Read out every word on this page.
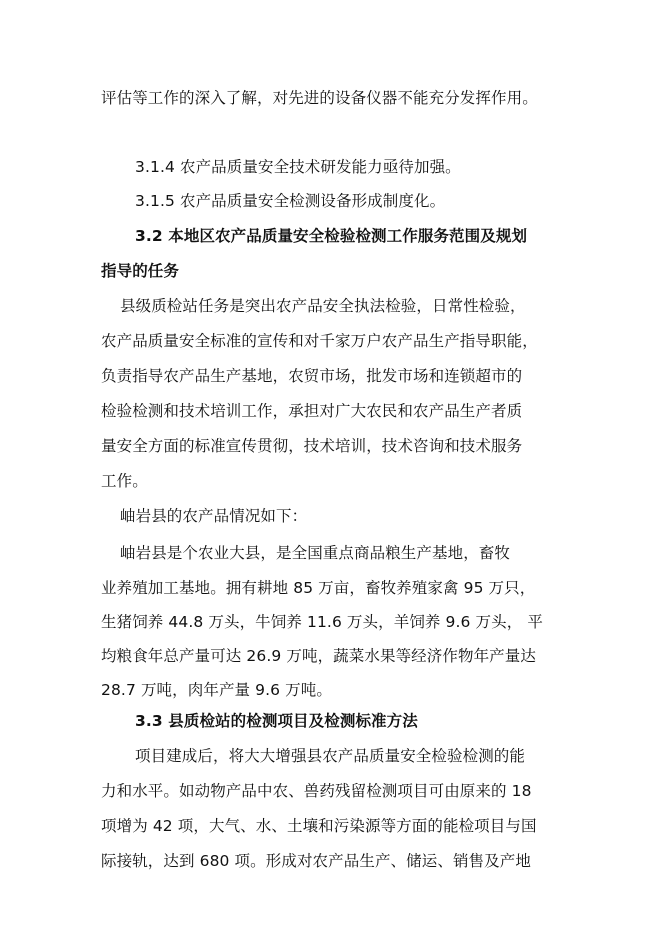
评估等工作的深入了解，对先进的设备仪器不能充分发挥作用。
3.1.4 农产品质量安全技术研发能力亟待加强。
3.1.5 农产品质量安全检测设备形成制度化。
3.2 本地区农产品质量安全检验检测工作服务范围及规划
指导的任务
县级质检站任务是突出农产品安全执法检验，日常性检验，
农产品质量安全标准的宣传和对千家万户农产品生产指导职能，
负责指导农产品生产基地，农贸市场，批发市场和连锁超市的
检验检测和技术培训工作，承担对广大农民和农产品生产者质
量安全方面的标准宣传贯彻，技术培训，技术咨询和技术服务
工作。
岫岩县的农产品情况如下：
岫岩县是个农业大县，是全国重点商品粮生产基地，畜牧
业养殖加工基地。拥有耕地 85 万亩，畜牧养殖家禽 95 万只，
生猪饲养 44.8 万头，牛饲养 11.6 万头，羊饲养 9.6 万头， 平
均粮食年总产量可达 26.9 万吨，蔬菜水果等经济作物年产量达
28.7 万吨，肉年产量 9.6 万吨。
3.3 县质检站的检测项目及检测标准方法
项目建成后，将大大增强县农产品质量安全检验检测的能
力和水平。如动物产品中农、兽药残留检测项目可由原来的 18
项增为 42 项，大气、水、土壤和污染源等方面的能检项目与国
际接轨，达到 680 项。形成对农产品生产、储运、销售及产地
